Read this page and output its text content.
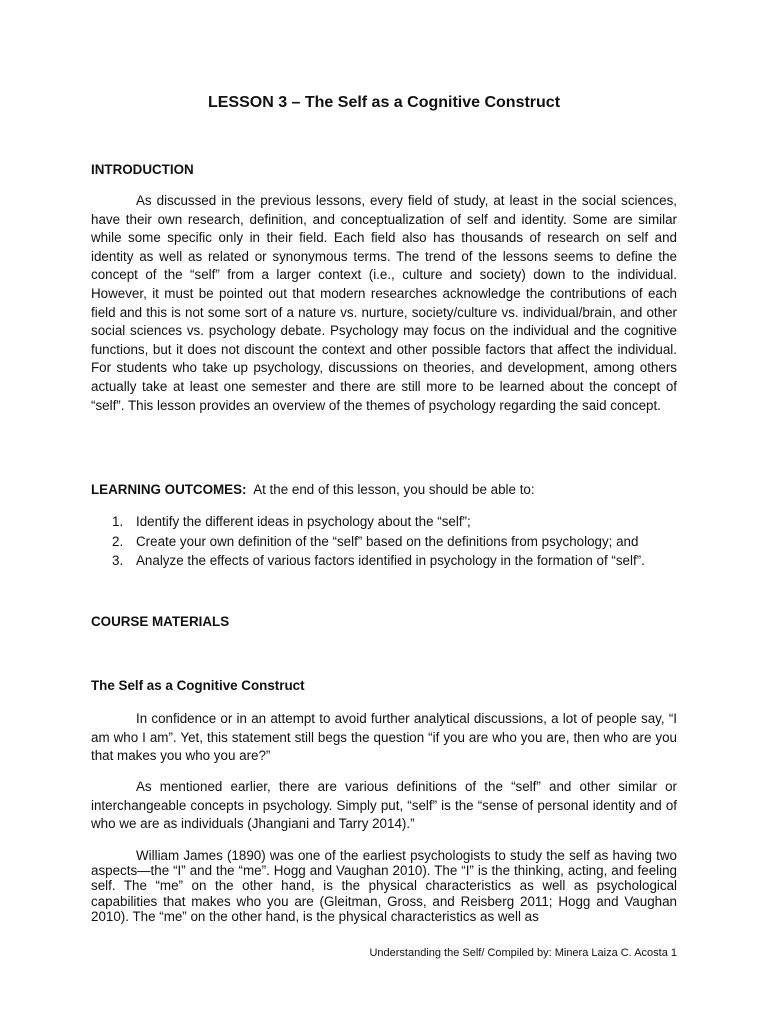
LESSON 3 – The Self as a Cognitive Construct
INTRODUCTION

As discussed in the previous lessons, every field of study, at least in the social sciences, have their own research, definition, and conceptualization of self and identity. Some are similar while some specific only in their field. Each field also has thousands of research on self and identity as well as related or synonymous terms. The trend of the lessons seems to define the concept of the “self” from a larger context (i.e., culture and society) down to the individual. However, it must be pointed out that modern researches acknowledge the contributions of each field and this is not some sort of a nature vs. nurture, society/culture vs. individual/brain, and other social sciences vs. psychology debate. Psychology may focus on the individual and the cognitive functions, but it does not discount the context and other possible factors that affect the individual. For students who take up psychology, discussions on theories, and development, among others actually take at least one semester and there are still more to be learned about the concept of “self”. This lesson provides an overview of the themes of psychology regarding the said concept.

LEARNING OUTCOMES: At the end of this lesson, you should be able to:

1. Identify the different ideas in psychology about the “self”;
2. Create your own definition of the “self” based on the definitions from psychology; and
3. Analyze the effects of various factors identified in psychology in the formation of “self”.
COURSE MATERIALS
The Self as a Cognitive Construct

In confidence or in an attempt to avoid further analytical discussions, a lot of people say, “I am who I am”. Yet, this statement still begs the question “if you are who you are, then who are you that makes you who you are?”

As mentioned earlier, there are various definitions of the “self” and other similar or interchangeable concepts in psychology. Simply put, “self” is the “sense of personal identity and of who we are as individuals (Jhangiani and Tarry 2014).”

William James (1890) was one of the earliest psychologists to study the self as having two aspects—the “I” and the “me”. Hogg and Vaughan 2010). The “I” is the thinking, acting, and feeling self. The “me” on the other hand, is the physical characteristics as well as psychological capabilities that makes who you are (Gleitman, Gross, and Reisberg 2011; Hogg and Vaughan 2010). The “me” on the other hand, is the physical characteristics as well as

Understanding the Self/ Compiled by: Minera Laiza C. Acosta 1
